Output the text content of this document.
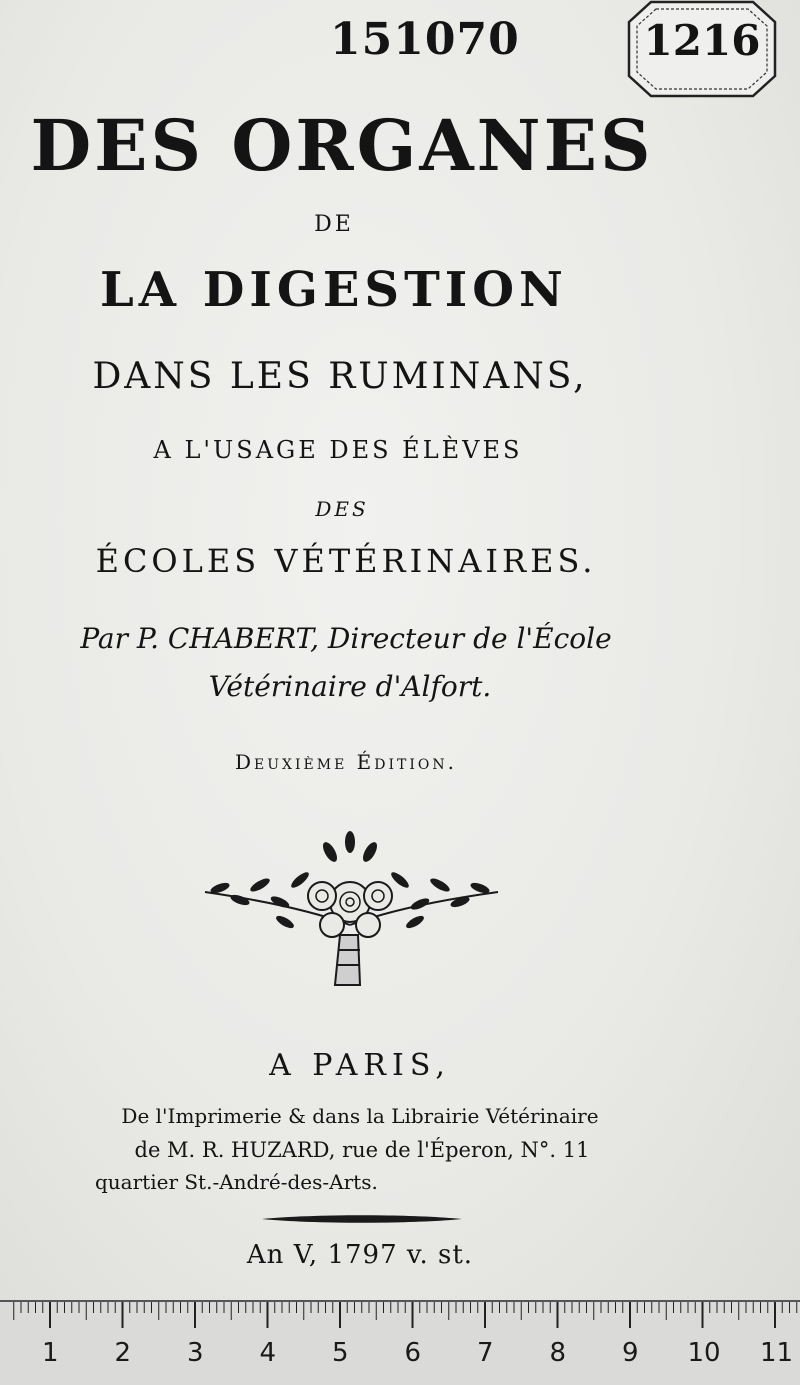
151070	1216
DES ORGANES
DE
LA DIGESTION
DANS LES RUMINANS,
A L'USAGE DES ÉLÈVES
DES
ÉCOLES VÉTÉRINAIRES.
Par P. CHABERT, Directeur de l'École
Vétérinaire d'Alfort.
Deuxième Édition.
A PARIS,
De l'Imprimerie & dans la Librairie Vétérinaire
de M. R. HUZARD, rue de l'Éperon, N°. 11
quartier St.-André-des-Arts.
An V, 1797 v. st.
1 2 3 4 5 6 7 8 9 10 11
